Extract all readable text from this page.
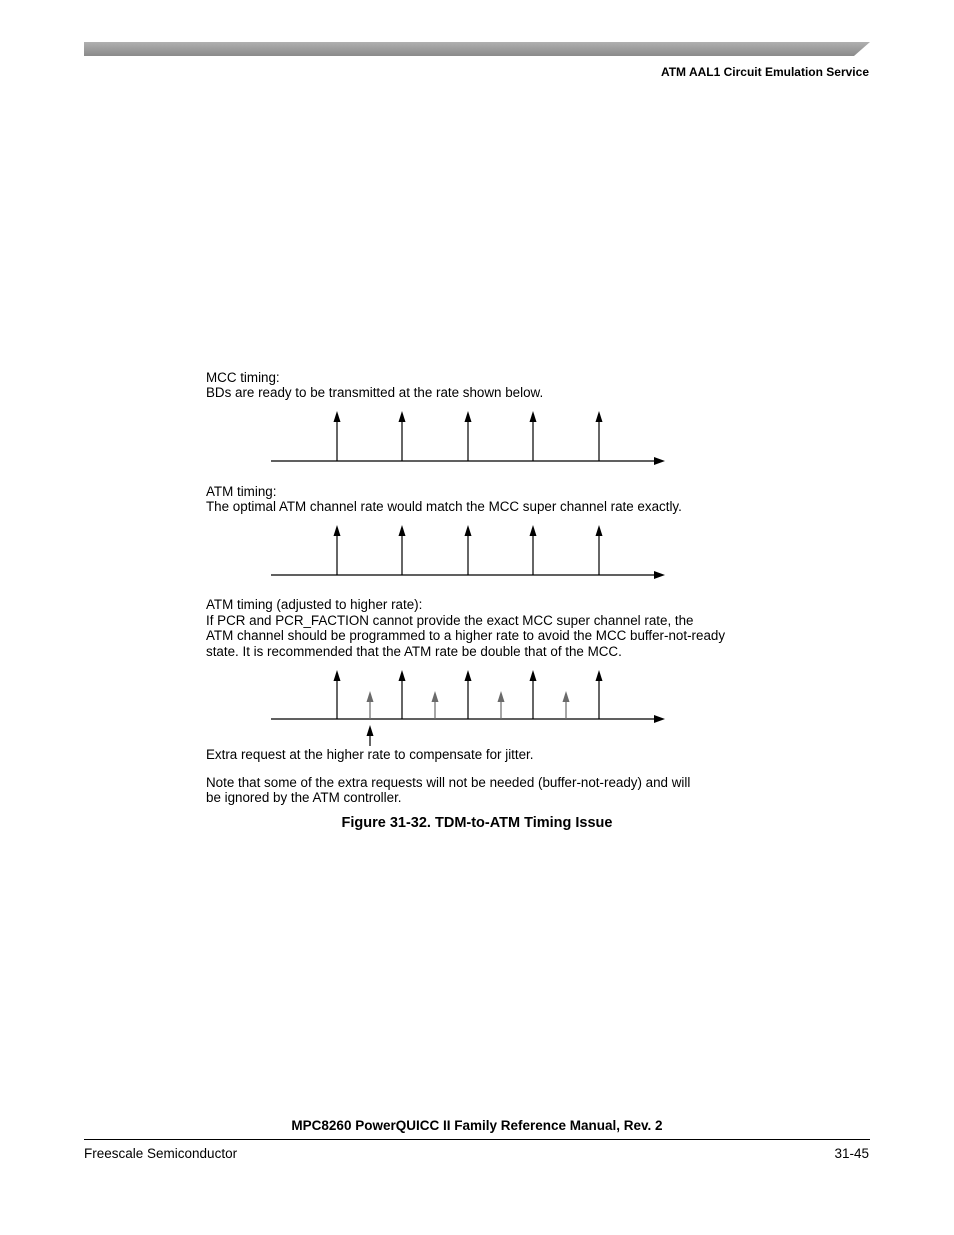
ATM AAL1 Circuit Emulation Service
MCC timing:
BDs are ready to be transmitted at the rate shown below.
ATM timing:
The optimal ATM channel rate would match the MCC super channel rate exactly.
ATM timing (adjusted to higher rate):
If PCR and PCR_FACTION cannot provide the exact MCC super channel rate, the
ATM channel should be programmed to a higher rate to avoid the MCC buffer-not-ready
state. It is recommended that the ATM rate be double that of the MCC.
Extra request at the higher rate to compensate for jitter.
Note that some of the extra requests will not be needed (buffer-not-ready) and will
be ignored by the ATM controller.
Figure 31-32. TDM-to-ATM Timing Issue
MPC8260 PowerQUICC II Family Reference Manual, Rev. 2
Freescale Semiconductor	31-45
